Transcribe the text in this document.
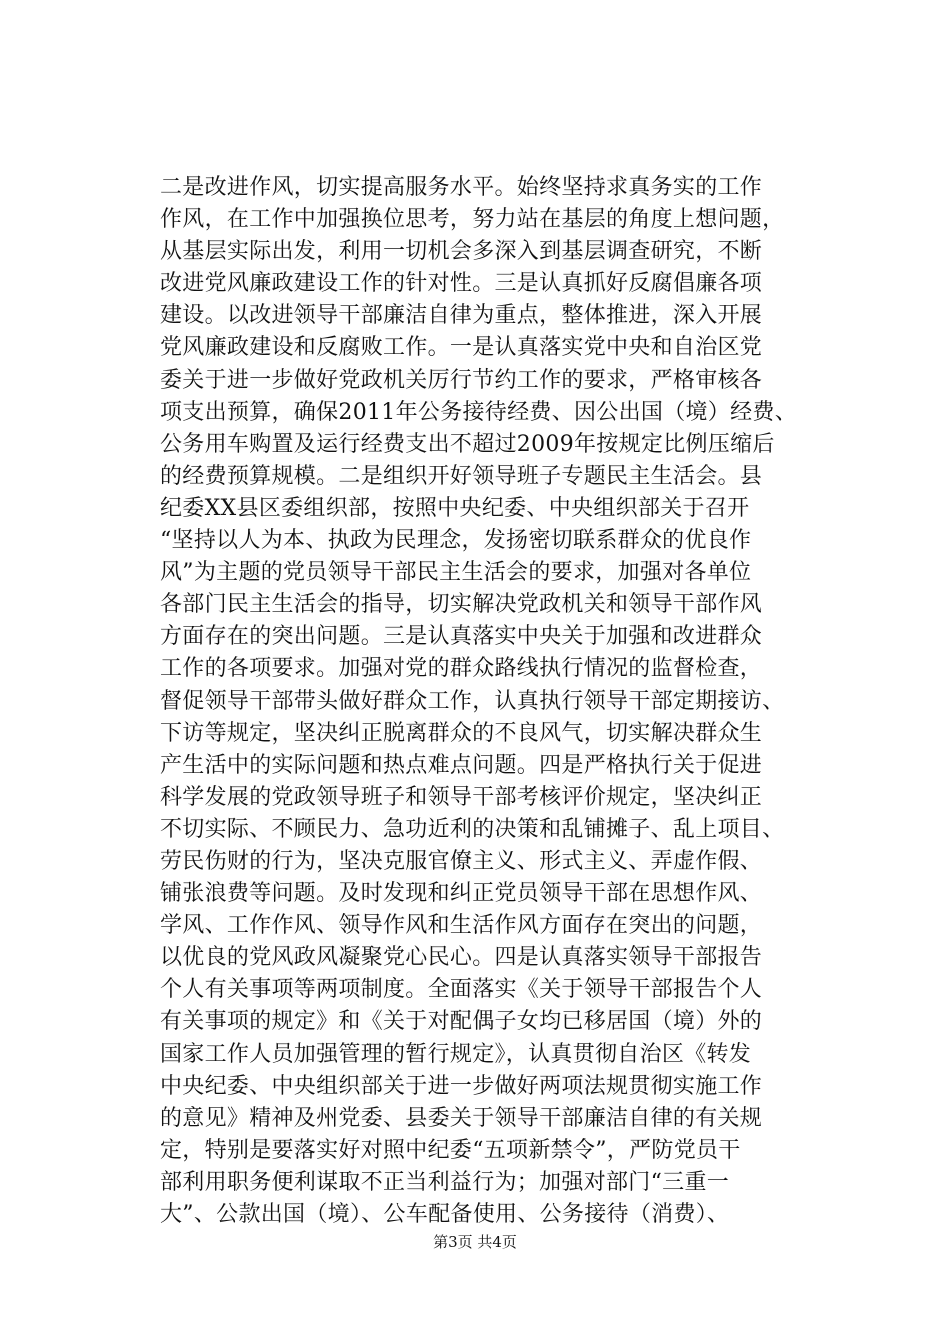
二是改进作风，切实提高服务水平。始终坚持求真务实的工作
作风，在工作中加强换位思考，努力站在基层的角度上想问题，
从基层实际出发，利用一切机会多深入到基层调查研究，不断
改进党风廉政建设工作的针对性。三是认真抓好反腐倡廉各项
建设。以改进领导干部廉洁自律为重点，整体推进，深入开展
党风廉政建设和反腐败工作。一是认真落实党中央和自治区党
委关于进一步做好党政机关厉行节约工作的要求，严格审核各
项支出预算，确保2011年公务接待经费、因公出国（境）经费、
公务用车购置及运行经费支出不超过2009年按规定比例压缩后
的经费预算规模。二是组织开好领导班子专题民主生活会。县
纪委XX县区委组织部，按照中央纪委、中央组织部关于召开
“坚持以人为本、执政为民理念，发扬密切联系群众的优良作
风”为主题的党员领导干部民主生活会的要求，加强对各单位
各部门民主生活会的指导，切实解决党政机关和领导干部作风
方面存在的突出问题。三是认真落实中央关于加强和改进群众
工作的各项要求。加强对党的群众路线执行情况的监督检查，
督促领导干部带头做好群众工作，认真执行领导干部定期接访、
下访等规定，坚决纠正脱离群众的不良风气，切实解决群众生
产生活中的实际问题和热点难点问题。四是严格执行关于促进
科学发展的党政领导班子和领导干部考核评价规定，坚决纠正
不切实际、不顾民力、急功近利的决策和乱铺摊子、乱上项目、
劳民伤财的行为，坚决克服官僚主义、形式主义、弄虚作假、
铺张浪费等问题。及时发现和纠正党员领导干部在思想作风、
学风、工作作风、领导作风和生活作风方面存在突出的问题，
以优良的党风政风凝聚党心民心。四是认真落实领导干部报告
个人有关事项等两项制度。全面落实《关于领导干部报告个人
有关事项的规定》和《关于对配偶子女均已移居国（境）外的
国家工作人员加强管理的暂行规定》，认真贯彻自治区《转发
中央纪委、中央组织部关于进一步做好两项法规贯彻实施工作
的意见》精神及州党委、县委关于领导干部廉洁自律的有关规
定，特别是要落实好对照中纪委“五项新禁令”，严防党员干
部利用职务便利谋取不正当利益行为；加强对部门“三重一
大”、公款出国（境）、公车配备使用、公务接待（消费）、
第3页 共4页
